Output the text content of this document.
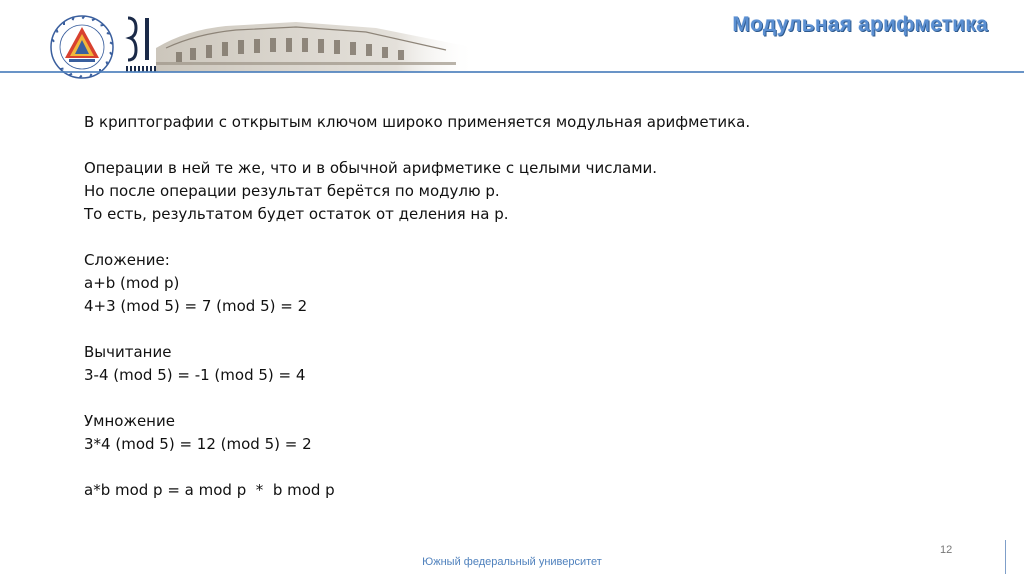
Модульная арифметика
В криптографии с открытым ключом широко применяется модульная арифметика.
Операции в ней те же, что и в обычной арифметике с целыми числами.
Но после операции результат берётся по модулю p.
То есть, результатом будет остаток от деления на p.
Сложение:
a+b (mod p)
4+3 (mod 5) = 7 (mod 5) = 2
Вычитание
3-4 (mod 5) = -1 (mod 5) = 4
Умножение
3*4 (mod 5) = 12 (mod 5) = 2
a*b mod p = a mod p  *  b mod p
12
Южный федеральный университет
